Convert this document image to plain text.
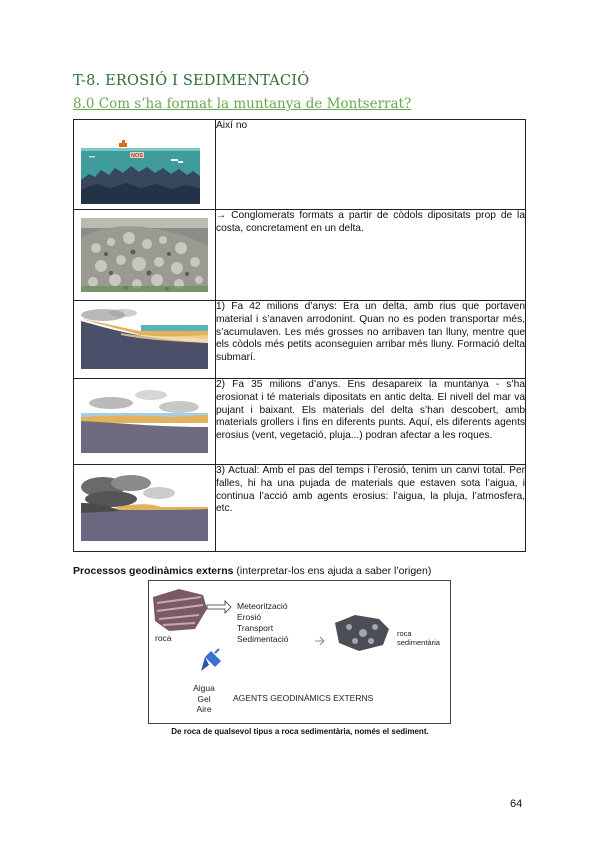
T-8. EROSIÓ I SEDIMENTACIÓ
8.0 Com s’ha format la muntanya de Montserrat?
NOS	Així no

	→ Conglomerats formats a partir de còdols dipositats prop de la costa, concretament en un delta.

	1) Fa 42 milions d’anys: Era un delta, amb rius que portaven material i s’anaven arrodonint. Quan no es poden transportar més, s’acumulaven. Les més grosses no arribaven tan lluny, mentre que els còdols més petits aconseguien arribar més lluny. Formació delta submarí.

	2) Fa 35 milions d’anys. Ens desapareix la muntanya - s’ha erosionat i té materials dipositats en antic delta. El nivell del mar va pujant i baixant. Els materials del delta s’han descobert, amb materials grollers i fins en diferents punts. Aquí, els diferents agents erosius (vent, vegetació, pluja...) podran afectar a les roques.

	3) Actual: Amb el pas del temps i l’erosió, tenim un canvi total. Per falles, hi ha una pujada de materials que estaven sota l’aigua, i continua l’acció amb agents erosius: l’aigua, la pluja, l’atmosfera, etc.
Processos geodinàmics externs (interpretar-los ens ajuda a saber l’origen)
roca
Meteorització
Erosió
Transport
Sedimentació
roca
sedimentària
Aigua
Gel
Aire
AGENTS GEODINÀMICS EXTERNS
De roca de qualsevol tipus a roca sedimentària, només el sediment.
64
